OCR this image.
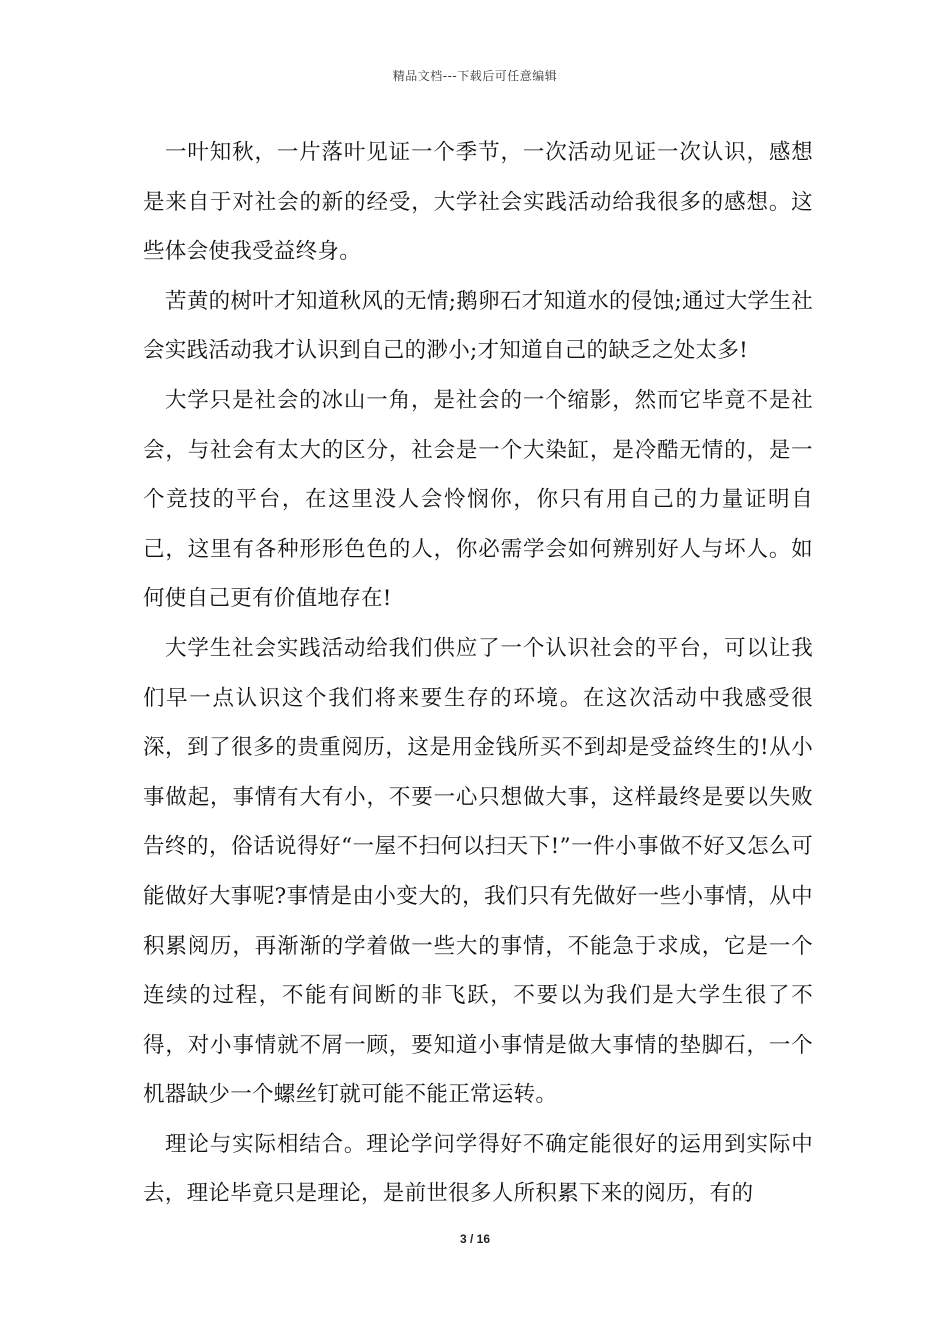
精品文档---下载后可任意编辑

一叶知秋，一片落叶见证一个季节，一次活动见证一次认识，感想是来自于对社会的新的经受，大学社会实践活动给我很多的感想。这些体会使我受益终身。

苦黄的树叶才知道秋风的无情;鹅卵石才知道水的侵蚀;通过大学生社会实践活动我才认识到自己的渺小;才知道自己的缺乏之处太多!

大学只是社会的冰山一角，是社会的一个缩影，然而它毕竟不是社会，与社会有太大的区分，社会是一个大染缸，是冷酷无情的，是一个竞技的平台，在这里没人会怜悯你，你只有用自己的力量证明自己，这里有各种形形色色的人，你必需学会如何辨别好人与坏人。如何使自己更有价值地存在!

大学生社会实践活动给我们供应了一个认识社会的平台，可以让我们早一点认识这个我们将来要生存的环境。在这次活动中我感受很深，到了很多的贵重阅历，这是用金钱所买不到却是受益终生的!从小事做起，事情有大有小，不要一心只想做大事，这样最终是要以失败告终的，俗话说得好“一屋不扫何以扫天下!”一件小事做不好又怎么可能做好大事呢?事情是由小变大的，我们只有先做好一些小事情，从中积累阅历，再渐渐的学着做一些大的事情，不能急于求成，它是一个连续的过程，不能有间断的非飞跃，不要以为我们是大学生很了不得，对小事情就不屑一顾，要知道小事情是做大事情的垫脚石，一个机器缺少一个螺丝钉就可能不能正常运转。

理论与实际相结合。理论学问学得好不确定能很好的运用到实际中去，理论毕竟只是理论，是前世很多人所积累下来的阅历，有的

3 / 16
